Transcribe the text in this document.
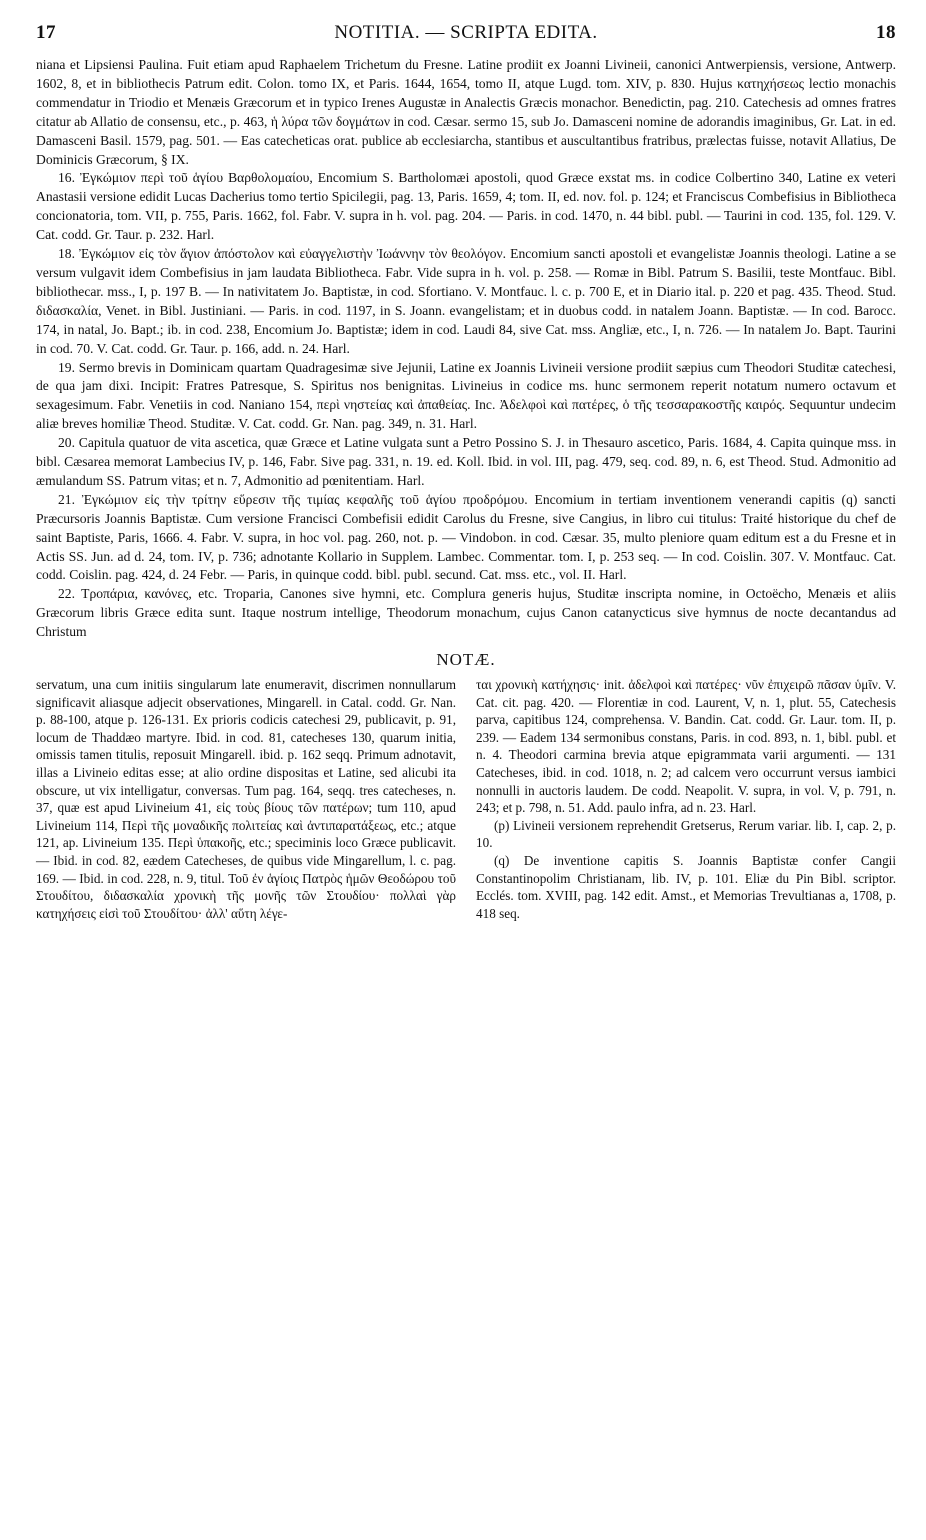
17	NOTITIA. — SCRIPTA EDITA.	18

niana et Lipsiensi Paulina. Fuit etiam apud Raphaelem Trichetum du Fresne. Latine prodiit ex Joanni Livineii, canonici Antwerpiensis, versione, Antwerp. 1602, 8, et in bibliothecis Patrum edit. Colon. tomo IX, et Paris. 1644, 1654, tomo II, atque Lugd. tom. XIV, p. 830. Hujus κατηχήσεως lectio monachis commendatur in Triodio et Menæis Græcorum et in typico Irenes Augustæ in Analectis Græcis monachor. Benedictin, pag. 210. Catechesis ad omnes fratres citatur ab Allatio de consensu, etc., p. 463, ἡ λύρα τῶν δογμάτων in cod. Cæsar. sermo 15, sub Jo. Damasceni nomine de adorandis imaginibus, Gr. Lat. in ed. Damasceni Basil. 1579, pag. 501. — Eas catecheticas orat. publice ab ecclesiarcha, stantibus et auscultantibus fratribus, prælectas fuisse, notavit Allatius, De Dominicis Græcorum, § IX.

16. Ἐγκώμιον περὶ τοῦ ἁγίου Βαρθολομαίου, Encomium S. Bartholomæi apostoli, quod Græce exstat ms. in codice Colbertino 340, Latine ex veteri Anastasii versione edidit Lucas Dacherius tomo tertio Spicilegii, pag. 13, Paris. 1659, 4; tom. II, ed. nov. fol. p. 124; et Franciscus Combefisius in Bibliotheca concionatoria, tom. VII, p. 755, Paris. 1662, fol. Fabr. V. supra in h. vol. pag. 204. — Paris. in cod. 1470, n. 44 bibl. publ. — Taurini in cod. 135, fol. 129. V. Cat. codd. Gr. Taur. p. 232. Harl.

18. Ἐγκώμιον εἰς τὸν ἅγιον ἀπόστολον καὶ εὐαγγελιστὴν Ἰωάννην τὸν θεολόγον. Encomium sancti apostoli et evangelistæ Joannis theologi. Latine a se versum vulgavit idem Combefisius in jam laudata Bibliotheca. Fabr. Vide supra in h. vol. p. 258. — Romæ in Bibl. Patrum S. Basilii, teste Montfauc. Bibl. bibliothecar. mss., I, p. 197 B. — In nativitatem Jo. Baptistæ, in cod. Sfortiano. V. Montfauc. l. c. p. 700 E, et in Diario ital. p. 220 et pag. 435. Theod. Stud. διδασκαλία, Venet. in Bibl. Justiniani. — Paris. in cod. 1197, in S. Joann. evangelistam; et in duobus codd. in natalem Joann. Baptistæ. — In cod. Barocc. 174, in natal, Jo. Bapt.; ib. in cod. 238, Encomium Jo. Baptistæ; idem in cod. Laudi 84, sive Cat. mss. Angliæ, etc., I, n. 726. — In natalem Jo. Bapt. Taurini in cod. 70. V. Cat. codd. Gr. Taur. p. 166, add. n. 24. Harl.

19. Sermo brevis in Dominicam quartam Quadragesimæ sive Jejunii, Latine ex Joannis Livineii versione prodiit sæpius cum Theodori Studitæ catechesi, de qua jam dixi. Incipit: Fratres Patresque, S. Spiritus nos benignitas. Livineius in codice ms. hunc sermonem reperit notatum numero octavum et sexagesimum. Fabr. Venetiis in cod. Naniano 154, περὶ νηστείας καὶ ἀπαθείας. Inc. Ἀδελφοὶ καὶ πατέρες, ὁ τῆς τεσσαρακοστῆς καιρός. Sequuntur undecim aliæ breves homiliæ Theod. Studitæ. V. Cat. codd. Gr. Nan. pag. 349, n. 31. Harl.

20. Capitula quatuor de vita ascetica, quæ Græce et Latine vulgata sunt a Petro Possino S. J. in Thesauro ascetico, Paris. 1684, 4. Capita quinque mss. in bibl. Cæsarea memorat Lambecius IV, p. 146, Fabr. Sive pag. 331, n. 19. ed. Koll. Ibid. in vol. III, pag. 479, seq. cod. 89, n. 6, est Theod. Stud. Admonitio ad æmulandum SS. Patrum vitas; et n. 7, Admonitio ad pœnitentiam. Harl.

21. Ἐγκώμιον εἰς τὴν τρίτην εὕρεσιν τῆς τιμίας κεφαλῆς τοῦ ἁγίου προδρόμου. Encomium in tertiam inventionem venerandi capitis (q) sancti Præcursoris Joannis Baptistæ. Cum versione Francisci Combefisii edidit Carolus du Fresne, sive Cangius, in libro cui titulus: Traité historique du chef de saint Baptiste, Paris, 1666. 4. Fabr. V. supra, in hoc vol. pag. 260, not. p. — Vindobon. in cod. Cæsar. 35, multo pleniore quam editum est a du Fresne et in Actis SS. Jun. ad d. 24, tom. IV, p. 736; adnotante Kollario in Supplem. Lambec. Commentar. tom. I, p. 253 seq. — In cod. Coislin. 307. V. Montfauc. Cat. codd. Coislin. pag. 424, d. 24 Febr. — Paris, in quinque codd. bibl. publ. secund. Cat. mss. etc., vol. II. Harl.

22. Τροπάρια, κανόνες, etc. Troparia, Canones sive hymni, etc. Complura generis hujus, Studitæ inscripta nomine, in Octoëcho, Menæis et aliis Græcorum libris Græce edita sunt. Itaque nostrum intellige, Theodorum monachum, cujus Canon catanycticus sive hymnus de nocte decantandus ad Christum

NOTÆ.

servatum, una cum initiis singularum late enumeravit, discrimen nonnullarum significavit aliasque adjecit observationes, Mingarell. in Catal. codd. Gr. Nan. p. 88-100, atque p. 126-131. Ex prioris codicis catechesi 29, publicavit, p. 91, locum de Thaddæo martyre. Ibid. in cod. 81, catecheses 130, quarum initia, omissis tamen titulis, reposuit Mingarell. ibid. p. 162 seqq. Primum adnotavit, illas a Livineio editas esse; at alio ordine dispositas et Latine, sed alicubi ita obscure, ut vix intelligatur, conversas. Tum pag. 164, seqq. tres catecheses, n. 37, quæ est apud Livineium 41, εἰς τοὺς βίους τῶν πατέρων; tum 110, apud Livineium 114, Περὶ τῆς μοναδικῆς πολιτείας καὶ ἀντιπαρατάξεως, etc.; atque 121, ap. Livineium 135. Περὶ ὑπακοῆς, etc.; speciminis loco Græce publicavit. — Ibid. in cod. 82, eædem Catecheses, de quibus vide Mingarellum, l. c. pag. 169. — Ibid. in cod. 228, n. 9, titul. Τοῦ ἐν ἁγίοις Πατρὸς ἡμῶν Θεοδώρου τοῦ Στουδίτου, διδασκαλία χρονικὴ τῆς μονῆς τῶν Στουδίου· πολλαὶ γὰρ κατηχήσεις εἰσὶ τοῦ Στουδίτου· ἀλλ' αὕτη λέγε-

ται χρονικὴ κατήχησις· init. ἀδελφοὶ καὶ πατέρες· νῦν ἐπιχειρῶ πᾶσαν ὑμῖν. V. Cat. cit. pag. 420. — Florentiæ in cod. Laurent, V, n. 1, plut. 55, Catechesis parva, capitibus 124, comprehensa. V. Bandin. Cat. codd. Gr. Laur. tom. II, p. 239. — Eadem 134 sermonibus constans, Paris. in cod. 893, n. 1, bibl. publ. et n. 4. Theodori carmina brevia atque epigrammata varii argumenti. — 131 Catecheses, ibid. in cod. 1018, n. 2; ad calcem vero occurrunt versus iambici nonnulli in auctoris laudem. De codd. Neapolit. V. supra, in vol. V, p. 791, n. 243; et p. 798, n. 51. Add. paulo infra, ad n. 23. Harl.

(p) Livineii versionem reprehendit Gretserus, Rerum variar. lib. I, cap. 2, p. 10.

(q) De inventione capitis S. Joannis Baptistæ confer Cangii Constantinopolim Christianam, lib. IV, p. 101. Eliæ du Pin Bibl. scriptor. Ecclés. tom. XVIII, pag. 142 edit. Amst., et Memorias Trevultianas a, 1708, p. 418 seq.
